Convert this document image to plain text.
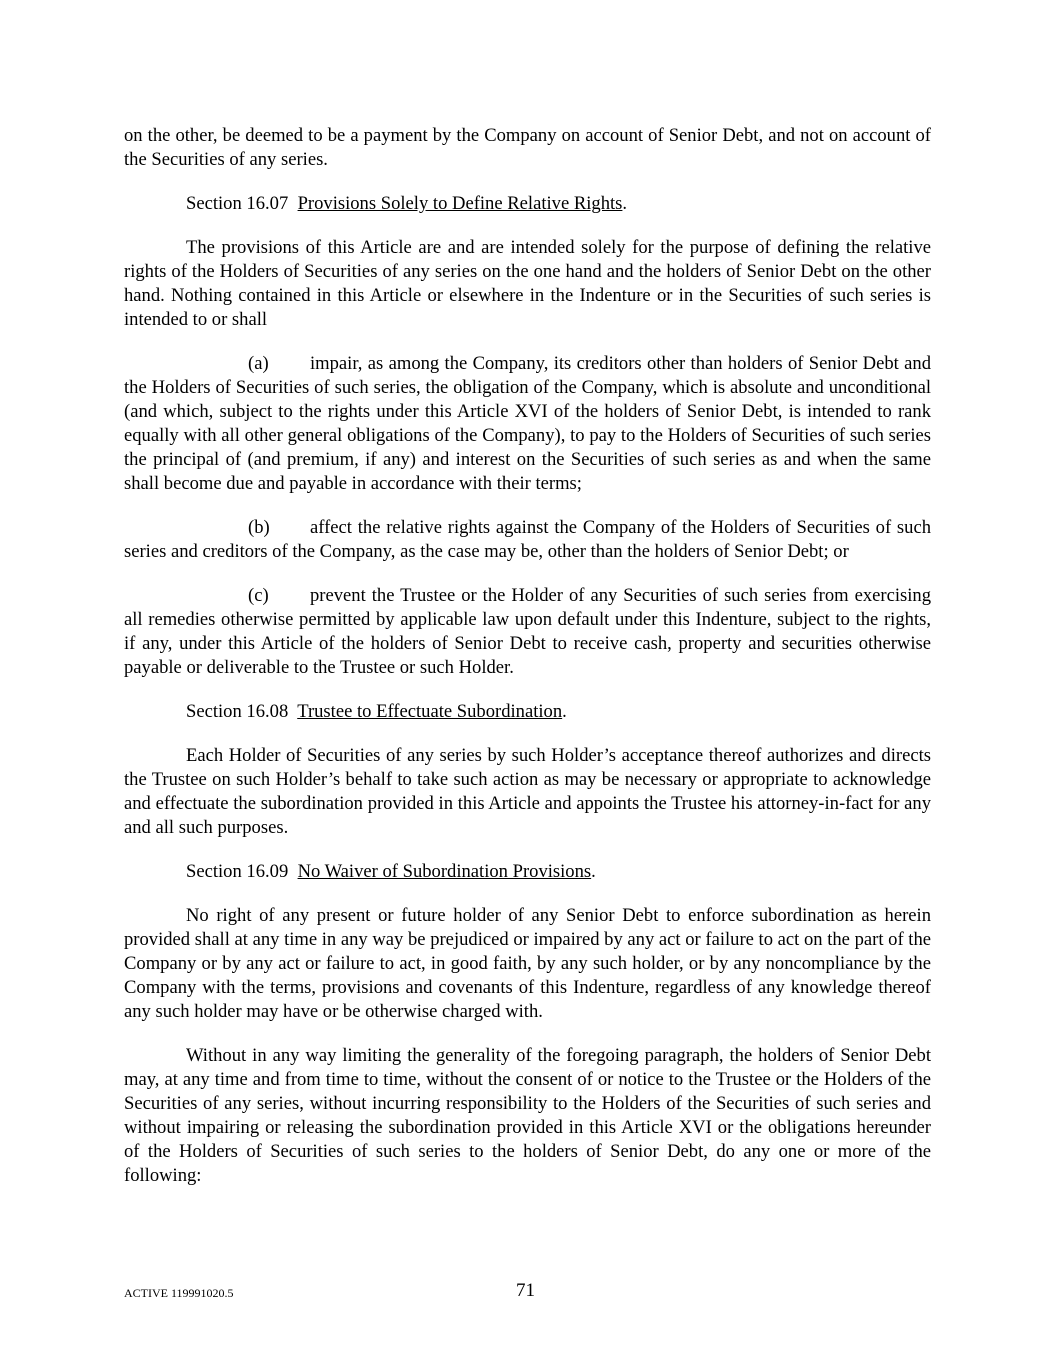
on the other, be deemed to be a payment by the Company on account of Senior Debt, and not on account of the Securities of any series.

Section 16.07 Provisions Solely to Define Relative Rights.

The provisions of this Article are and are intended solely for the purpose of defining the relative rights of the Holders of Securities of any series on the one hand and the holders of Senior Debt on the other hand. Nothing contained in this Article or elsewhere in the Indenture or in the Securities of such series is intended to or shall

(a) impair, as among the Company, its creditors other than holders of Senior Debt and the Holders of Securities of such series, the obligation of the Company, which is absolute and unconditional (and which, subject to the rights under this Article XVI of the holders of Senior Debt, is intended to rank equally with all other general obligations of the Company), to pay to the Holders of Securities of such series the principal of (and premium, if any) and interest on the Securities of such series as and when the same shall become due and payable in accordance with their terms;

(b) affect the relative rights against the Company of the Holders of Securities of such series and creditors of the Company, as the case may be, other than the holders of Senior Debt; or

(c) prevent the Trustee or the Holder of any Securities of such series from exercising all remedies otherwise permitted by applicable law upon default under this Indenture, subject to the rights, if any, under this Article of the holders of Senior Debt to receive cash, property and securities otherwise payable or deliverable to the Trustee or such Holder.

Section 16.08 Trustee to Effectuate Subordination.

Each Holder of Securities of any series by such Holder’s acceptance thereof authorizes and directs the Trustee on such Holder’s behalf to take such action as may be necessary or appropriate to acknowledge and effectuate the subordination provided in this Article and appoints the Trustee his attorney-in-fact for any and all such purposes.

Section 16.09 No Waiver of Subordination Provisions.

No right of any present or future holder of any Senior Debt to enforce subordination as herein provided shall at any time in any way be prejudiced or impaired by any act or failure to act on the part of the Company or by any act or failure to act, in good faith, by any such holder, or by any noncompliance by the Company with the terms, provisions and covenants of this Indenture, regardless of any knowledge thereof any such holder may have or be otherwise charged with.

Without in any way limiting the generality of the foregoing paragraph, the holders of Senior Debt may, at any time and from time to time, without the consent of or notice to the Trustee or the Holders of the Securities of any series, without incurring responsibility to the Holders of the Securities of such series and without impairing or releasing the subordination provided in this Article XVI or the obligations hereunder of the Holders of Securities of such series to the holders of Senior Debt, do any one or more of the following:

ACTIVE 119991020.5	71
